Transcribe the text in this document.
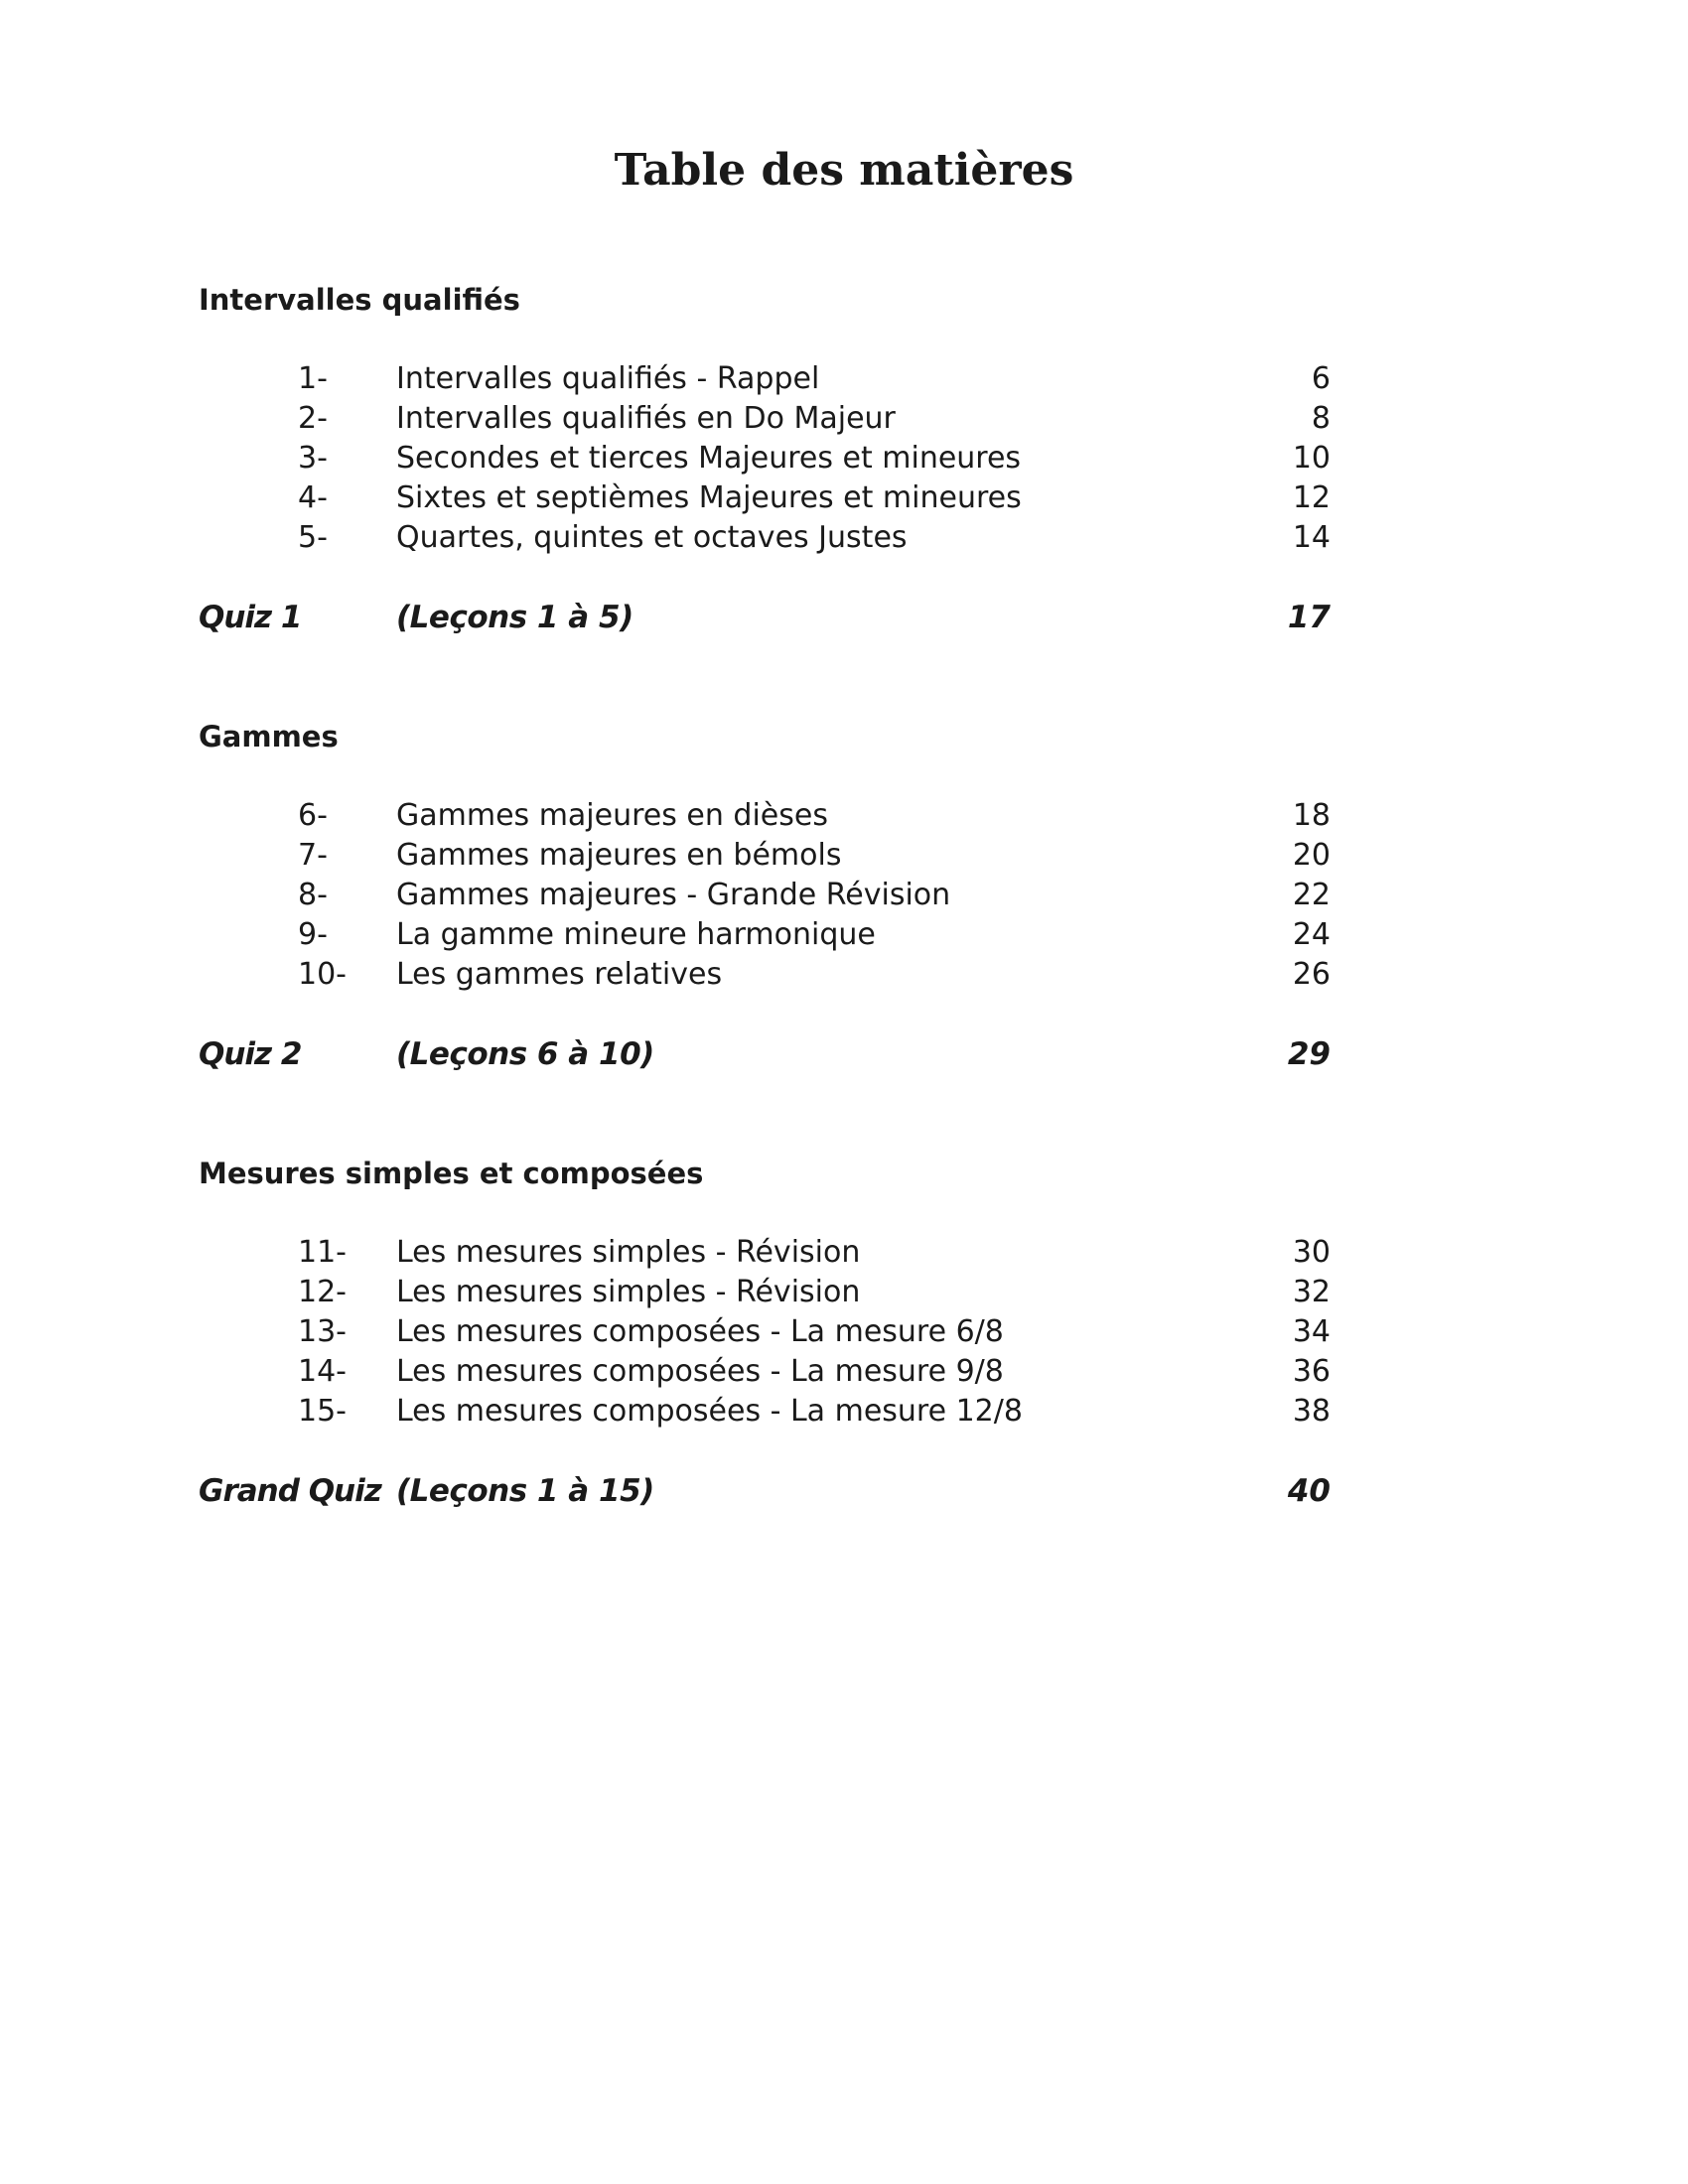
Table des matières
Intervalles qualifiés
1- Intervalles qualifiés - Rappel	6
2- Intervalles qualifiés en Do Majeur	8
3- Secondes et tierces Majeures et mineures	10
4- Sixtes et septièmes Majeures et mineures	12
5- Quartes, quintes et octaves Justes	14
Quiz 1	(Leçons 1 à 5)	17
Gammes
6- Gammes majeures en dièses	18
7- Gammes majeures en bémols	20
8- Gammes majeures - Grande Révision	22
9- La gamme mineure harmonique	24
10- Les gammes relatives	26
Quiz 2	(Leçons 6 à 10)	29
Mesures simples et composées
11- Les mesures simples - Révision	30
12- Les mesures simples - Révision	32
13- Les mesures composées - La mesure 6/8	34
14- Les mesures composées - La mesure 9/8	36
15- Les mesures composées - La mesure 12/8	38
Grand Quiz (Leçons 1 à 15)	40
